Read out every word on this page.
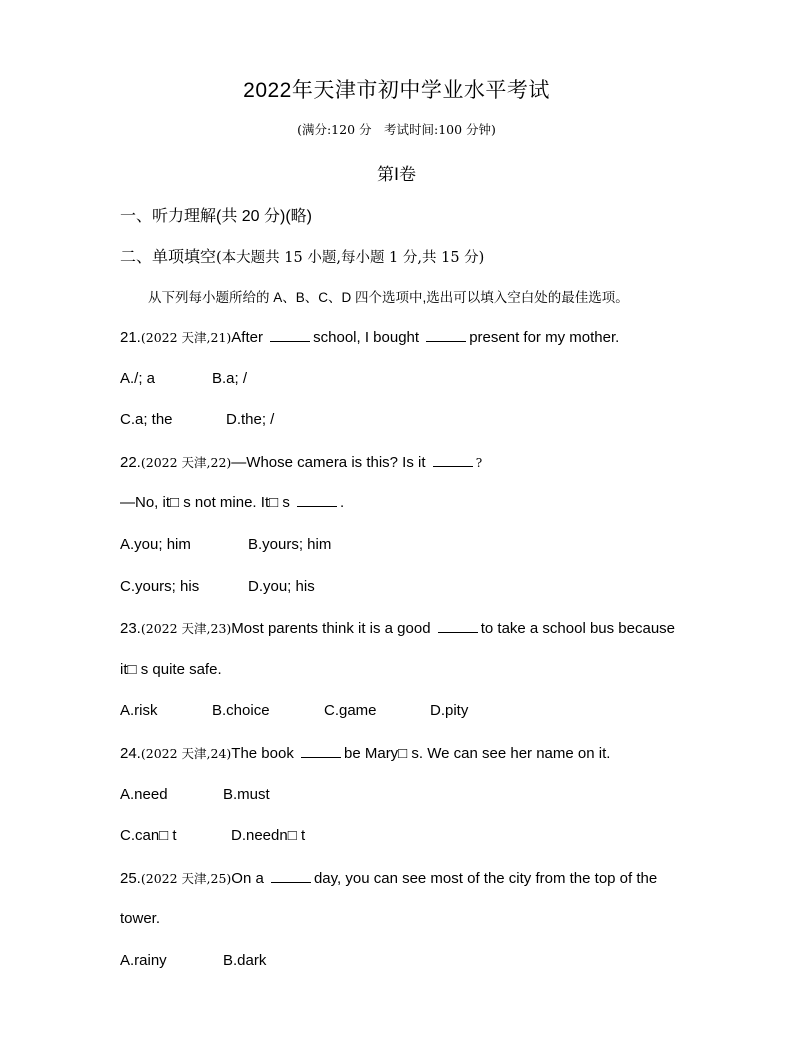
2022年天津市初中学业水平考试
(满分:120 分　考试时间:100 分钟)
第Ⅰ卷
一、听力理解(共 20 分)(略)
二、单项填空(本大题共 15 小题,每小题 1 分,共 15 分)
从下列每小题所给的 A、B、C、D 四个选项中,选出可以填入空白处的最佳选项。
21.(2022 天津,21)After	school, I bought	present for my mother.
A./; a	B.a; /
C.a; the	D.the; /
22.(2022 天津,22)—Whose camera is this? Is it	?
—No, it□ s not mine. It□ s	.
A.you; him	B.yours; him
C.yours; his	D.you; his
23.(2022 天津,23)Most parents think it is a good	to take a school bus because
it□ s quite safe.
A.risk	B.choice	C.game	D.pity
24.(2022 天津,24)The book	be Mary□ s. We can see her name on it.
A.need	B.must
C.can□ t	D.needn□ t
25.(2022 天津,25)On a	day, you can see most of the city from the top of the
tower.
A.rainy	B.dark
